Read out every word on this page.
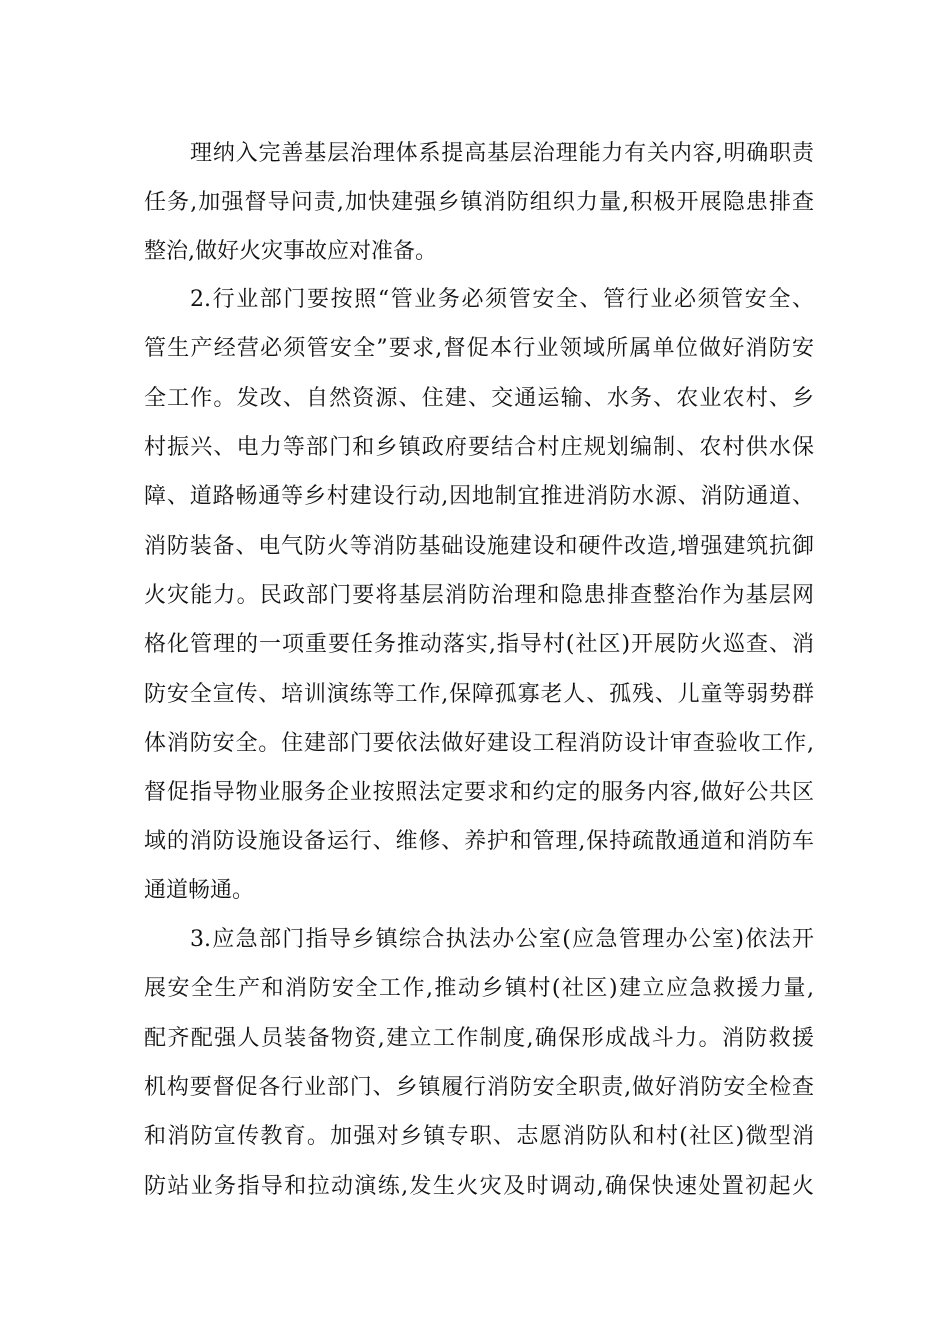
理纳入完善基层治理体系提高基层治理能力有关内容,明确职责
任务,加强督导问责,加快建强乡镇消防组织力量,积极开展隐患排查
整治,做好火灾事故应对准备。
2.行业部门要按照“管业务必须管安全、管行业必须管安全、
管生产经营必须管安全”要求,督促本行业领域所属单位做好消防安
全工作。发改、自然资源、住建、交通运输、水务、农业农村、乡
村振兴、电力等部门和乡镇政府要结合村庄规划编制、农村供水保
障、道路畅通等乡村建设行动,因地制宜推进消防水源、消防通道、
消防装备、电气防火等消防基础设施建设和硬件改造,增强建筑抗御
火灾能力。民政部门要将基层消防治理和隐患排查整治作为基层网
格化管理的一项重要任务推动落实,指导村(社区)开展防火巡查、消
防安全宣传、培训演练等工作,保障孤寡老人、孤残、儿童等弱势群
体消防安全。住建部门要依法做好建设工程消防设计审查验收工作,
督促指导物业服务企业按照法定要求和约定的服务内容,做好公共区
域的消防设施设备运行、维修、养护和管理,保持疏散通道和消防车
通道畅通。
3.应急部门指导乡镇综合执法办公室(应急管理办公室)依法开
展安全生产和消防安全工作,推动乡镇村(社区)建立应急救援力量,
配齐配强人员装备物资,建立工作制度,确保形成战斗力。消防救援
机构要督促各行业部门、乡镇履行消防安全职责,做好消防安全检查
和消防宣传教育。加强对乡镇专职、志愿消防队和村(社区)微型消
防站业务指导和拉动演练,发生火灾及时调动,确保快速处置初起火
